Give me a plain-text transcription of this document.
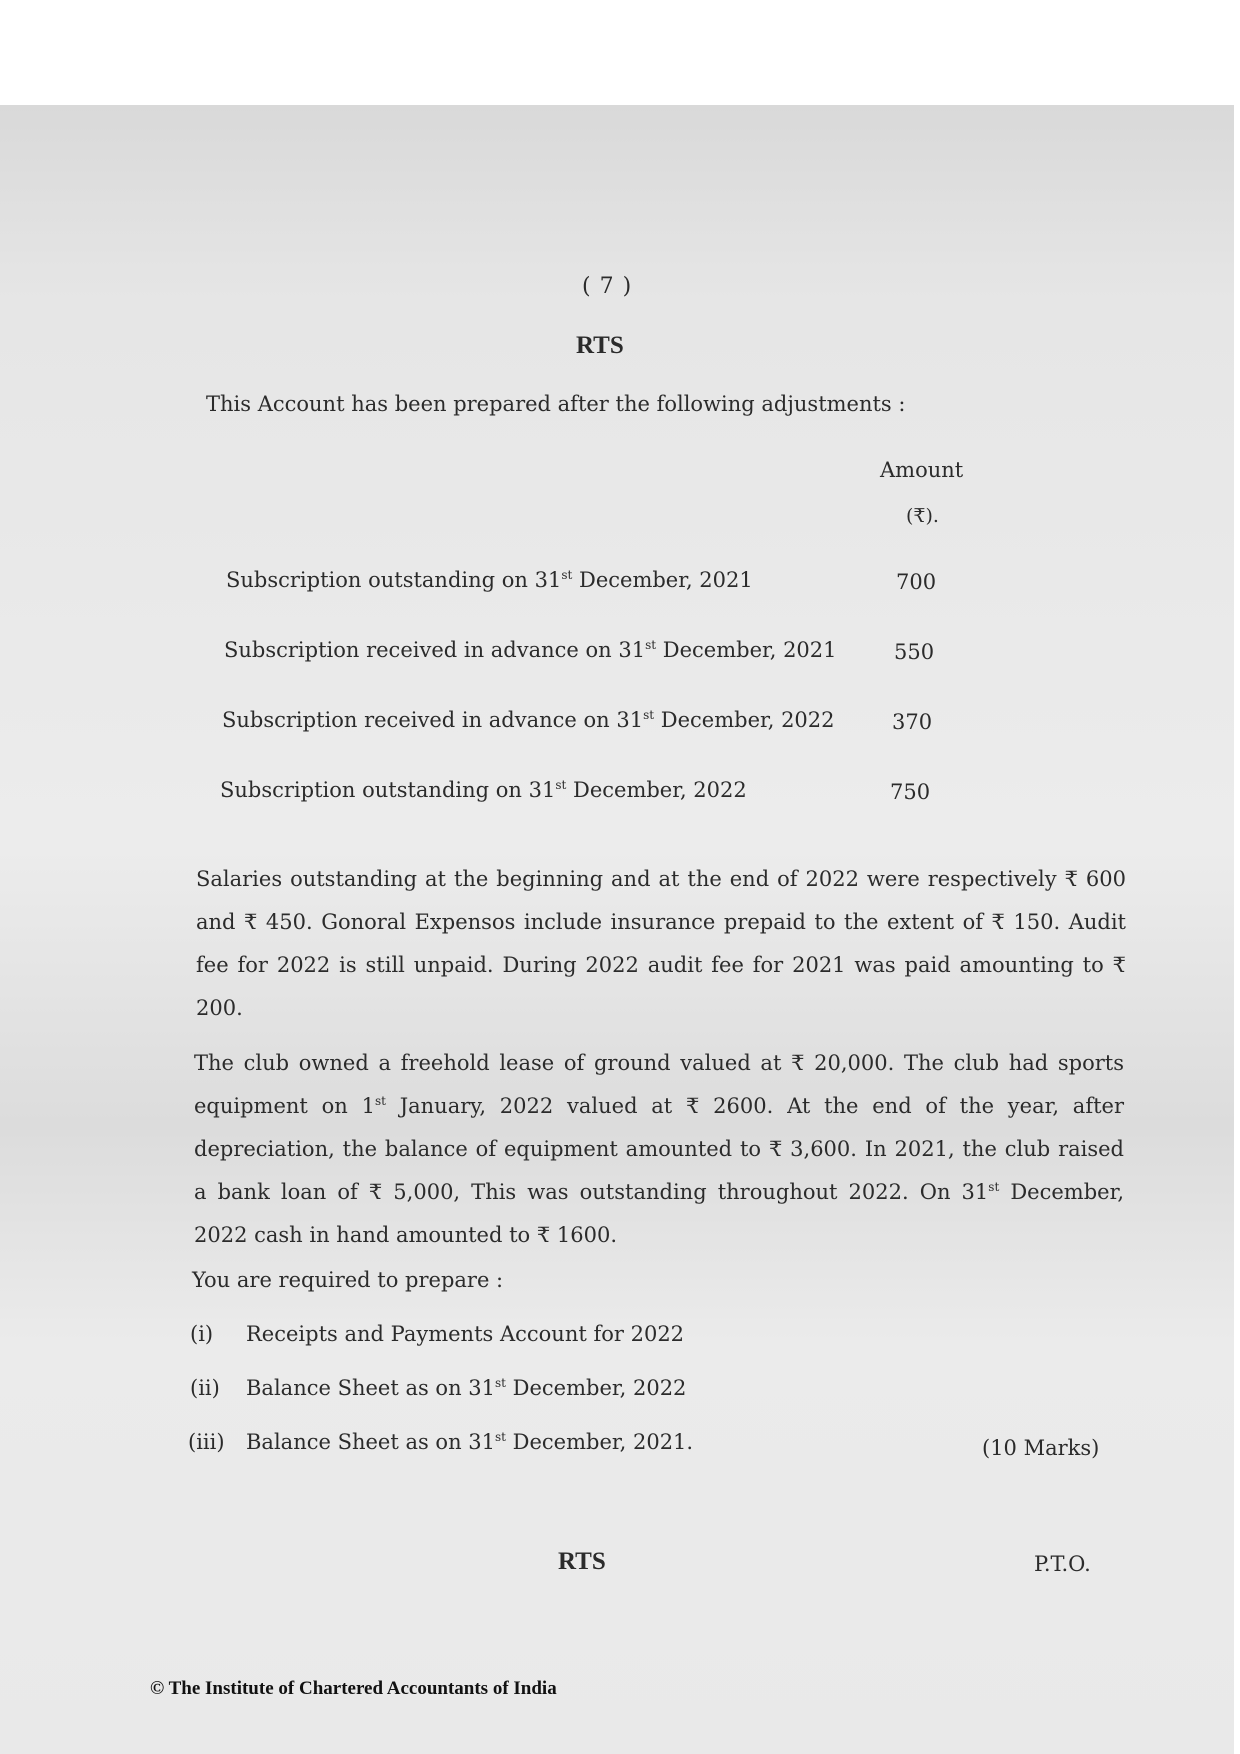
( 7 )
RTS
This Account has been prepared after the following adjustments :
Amount
(₹).
Subscription outstanding on 31st December, 2021	700
Subscription received in advance on 31st December, 2021	550
Subscription received in advance on 31st December, 2022	370
Subscription outstanding on 31st December, 2022	750
Salaries outstanding at the beginning and at the end of 2022 were respectively ₹ 600 and ₹ 450. Gonoral Expensos include insurance prepaid to the extent of ₹ 150. Audit fee for 2022 is still unpaid. During 2022 audit fee for 2021 was paid amounting to ₹ 200.
The club owned a freehold lease of ground valued at ₹ 20,000. The club had sports equipment on 1st January, 2022 valued at ₹ 2600. At the end of the year, after depreciation, the balance of equipment amounted to ₹ 3,600. In 2021, the club raised a bank loan of ₹ 5,000, This was outstanding throughout 2022. On 31st December, 2022 cash in hand amounted to ₹ 1600.
You are required to prepare :
(i) Receipts and Payments Account for 2022
(ii) Balance Sheet as on 31st December, 2022
(iii) Balance Sheet as on 31st December, 2021.	(10 Marks)
RTS	P.T.O.
© The Institute of Chartered Accountants of India
